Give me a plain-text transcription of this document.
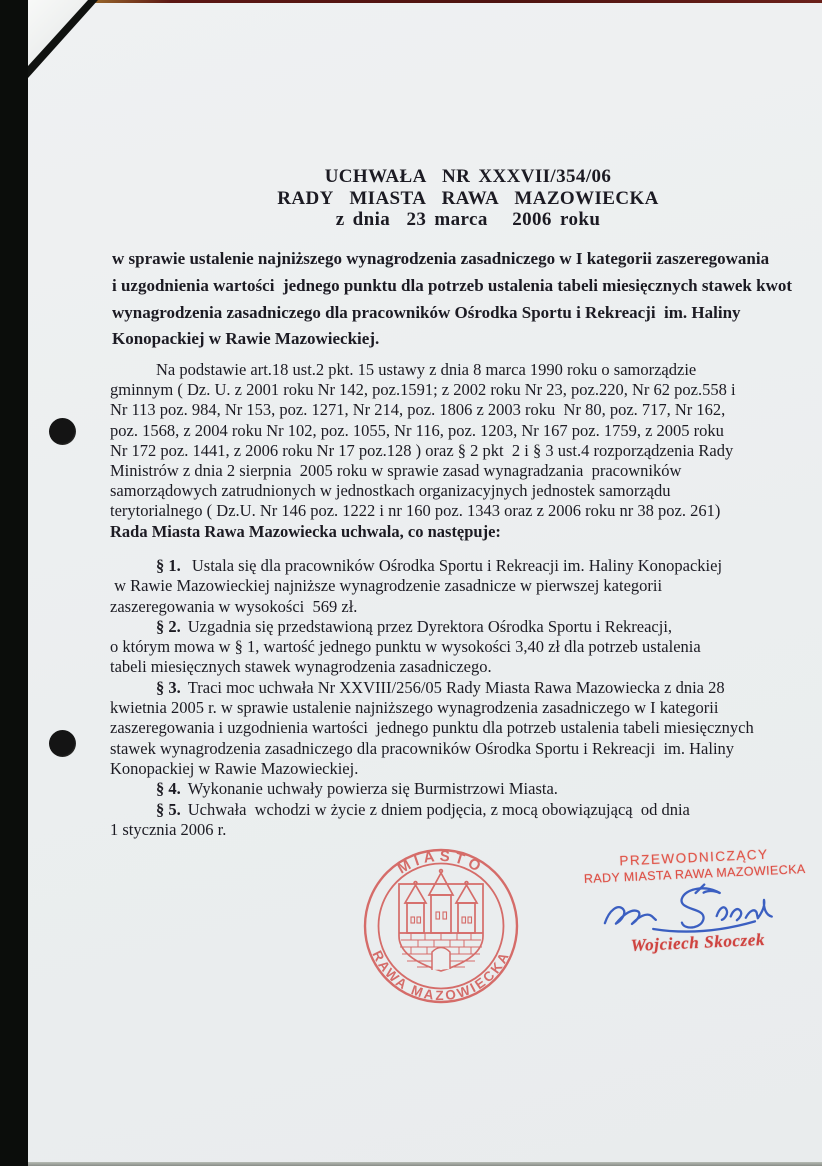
UCHWAŁA  NR XXXVII/354/06
RADY  MIASTA  RAWA  MAZOWIECKA
z dnia  23 marca   2006 roku
w sprawie ustalenie najniższego wynagrodzenia zasadniczego w I kategorii zaszeregowania
i uzgodnienia wartości  jednego punktu dla potrzeb ustalenia tabeli miesięcznych stawek kwot
wynagrodzenia zasadniczego dla pracowników Ośrodka Sportu i Rekreacji  im. Haliny
Konopackiej w Rawie Mazowieckiej.
Na podstawie art.18 ust.2 pkt. 15 ustawy z dnia 8 marca 1990 roku o samorządzie
gminnym ( Dz. U. z 2001 roku Nr 142, poz.1591; z 2002 roku Nr 23, poz.220, Nr 62 poz.558 i
Nr 113 poz. 984, Nr 153, poz. 1271, Nr 214, poz. 1806 z 2003 roku  Nr 80, poz. 717, Nr 162,
poz. 1568, z 2004 roku Nr 102, poz. 1055, Nr 116, poz. 1203, Nr 167 poz. 1759, z 2005 roku
Nr 172 poz. 1441, z 2006 roku Nr 17 poz.128 ) oraz § 2 pkt  2 i § 3 ust.4 rozporządzenia Rady
Ministrów z dnia 2 sierpnia  2005 roku w sprawie zasad wynagradzania  pracowników
samorządowych zatrudnionych w jednostkach organizacyjnych jednostek samorządu
terytorialnego ( Dz.U. Nr 146 poz. 1222 i nr 160 poz. 1343 oraz z 2006 roku nr 38 poz. 261)
Rada Miasta Rawa Mazowiecka uchwala, co następuje:
§ 1. Ustala się dla pracowników Ośrodka Sportu i Rekreacji im. Haliny Konopackiej
w Rawie Mazowieckiej najniższe wynagrodzenie zasadnicze w pierwszej kategorii
zaszeregowania w wysokości  569 zł.
§ 2. Uzgadnia się przedstawioną przez Dyrektora Ośrodka Sportu i Rekreacji,
o którym mowa w § 1, wartość jednego punktu w wysokości 3,40 zł dla potrzeb ustalenia
tabeli miesięcznych stawek wynagrodzenia zasadniczego.
§ 3. Traci moc uchwała Nr XXVIII/256/05 Rady Miasta Rawa Mazowiecka z dnia 28
kwietnia 2005 r. w sprawie ustalenie najniższego wynagrodzenia zasadniczego w I kategorii
zaszeregowania i uzgodnienia wartości  jednego punktu dla potrzeb ustalenia tabeli miesięcznych
stawek wynagrodzenia zasadniczego dla pracowników Ośrodka Sportu i Rekreacji  im. Haliny
Konopackiej w Rawie Mazowieckiej.
§ 4. Wykonanie uchwały powierza się Burmistrzowi Miasta.
§ 5. Uchwała  wchodzi w życie z dniem podjęcia, z mocą obowiązującą  od dnia
1 stycznia 2006 r.
MIASTO
RAWA MAZOWIECKA
PRZEWODNICZĄCY
RADY MIASTA RAWA MAZOWIECKA
Wojciech Skoczek
